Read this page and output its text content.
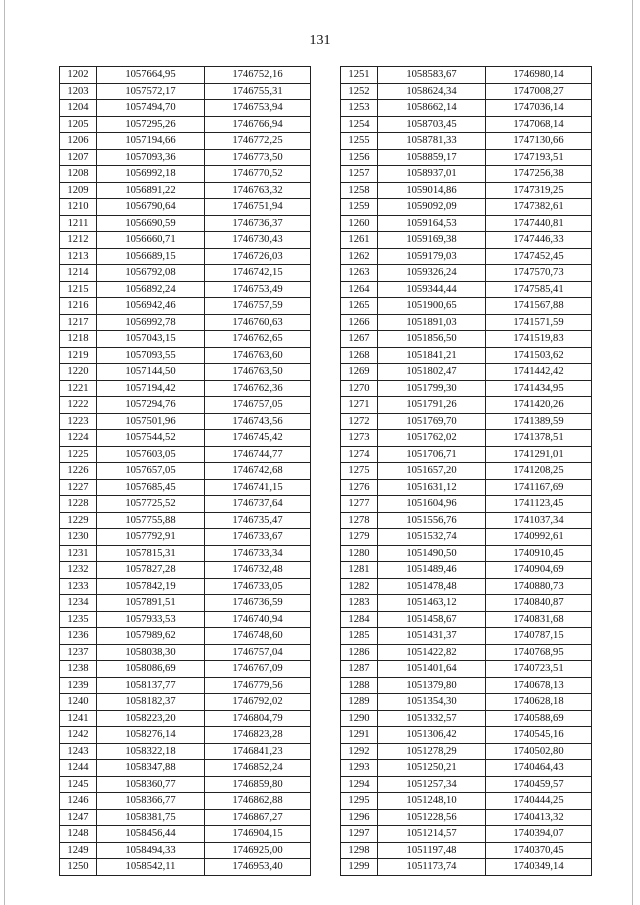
131
1202	1057664,95	1746752,16
1203	1057572,17	1746755,31
1204	1057494,70	1746753,94
1205	1057295,26	1746766,94
1206	1057194,66	1746772,25
1207	1057093,36	1746773,50
1208	1056992,18	1746770,52
1209	1056891,22	1746763,32
1210	1056790,64	1746751,94
1211	1056690,59	1746736,37
1212	1056660,71	1746730,43
1213	1056689,15	1746726,03
1214	1056792,08	1746742,15
1215	1056892,24	1746753,49
1216	1056942,46	1746757,59
1217	1056992,78	1746760,63
1218	1057043,15	1746762,65
1219	1057093,55	1746763,60
1220	1057144,50	1746763,50
1221	1057194,42	1746762,36
1222	1057294,76	1746757,05
1223	1057501,96	1746743,56
1224	1057544,52	1746745,42
1225	1057603,05	1746744,77
1226	1057657,05	1746742,68
1227	1057685,45	1746741,15
1228	1057725,52	1746737,64
1229	1057755,88	1746735,47
1230	1057792,91	1746733,67
1231	1057815,31	1746733,34
1232	1057827,28	1746732,48
1233	1057842,19	1746733,05
1234	1057891,51	1746736,59
1235	1057933,53	1746740,94
1236	1057989,62	1746748,60
1237	1058038,30	1746757,04
1238	1058086,69	1746767,09
1239	1058137,77	1746779,56
1240	1058182,37	1746792,02
1241	1058223,20	1746804,79
1242	1058276,14	1746823,28
1243	1058322,18	1746841,23
1244	1058347,88	1746852,24
1245	1058360,77	1746859,80
1246	1058366,77	1746862,88
1247	1058381,75	1746867,27
1248	1058456,44	1746904,15
1249	1058494,33	1746925,00
1250	1058542,11	1746953,40
1251	1058583,67	1746980,14
1252	1058624,34	1747008,27
1253	1058662,14	1747036,14
1254	1058703,45	1747068,14
1255	1058781,33	1747130,66
1256	1058859,17	1747193,51
1257	1058937,01	1747256,38
1258	1059014,86	1747319,25
1259	1059092,09	1747382,61
1260	1059164,53	1747440,81
1261	1059169,38	1747446,33
1262	1059179,03	1747452,45
1263	1059326,24	1747570,73
1264	1059344,44	1747585,41
1265	1051900,65	1741567,88
1266	1051891,03	1741571,59
1267	1051856,50	1741519,83
1268	1051841,21	1741503,62
1269	1051802,47	1741442,42
1270	1051799,30	1741434,95
1271	1051791,26	1741420,26
1272	1051769,70	1741389,59
1273	1051762,02	1741378,51
1274	1051706,71	1741291,01
1275	1051657,20	1741208,25
1276	1051631,12	1741167,69
1277	1051604,96	1741123,45
1278	1051556,76	1741037,34
1279	1051532,74	1740992,61
1280	1051490,50	1740910,45
1281	1051489,46	1740904,69
1282	1051478,48	1740880,73
1283	1051463,12	1740840,87
1284	1051458,67	1740831,68
1285	1051431,37	1740787,15
1286	1051422,82	1740768,95
1287	1051401,64	1740723,51
1288	1051379,80	1740678,13
1289	1051354,30	1740628,18
1290	1051332,57	1740588,69
1291	1051306,42	1740545,16
1292	1051278,29	1740502,80
1293	1051250,21	1740464,43
1294	1051257,34	1740459,57
1295	1051248,10	1740444,25
1296	1051228,56	1740413,32
1297	1051214,57	1740394,07
1298	1051197,48	1740370,45
1299	1051173,74	1740349,14
